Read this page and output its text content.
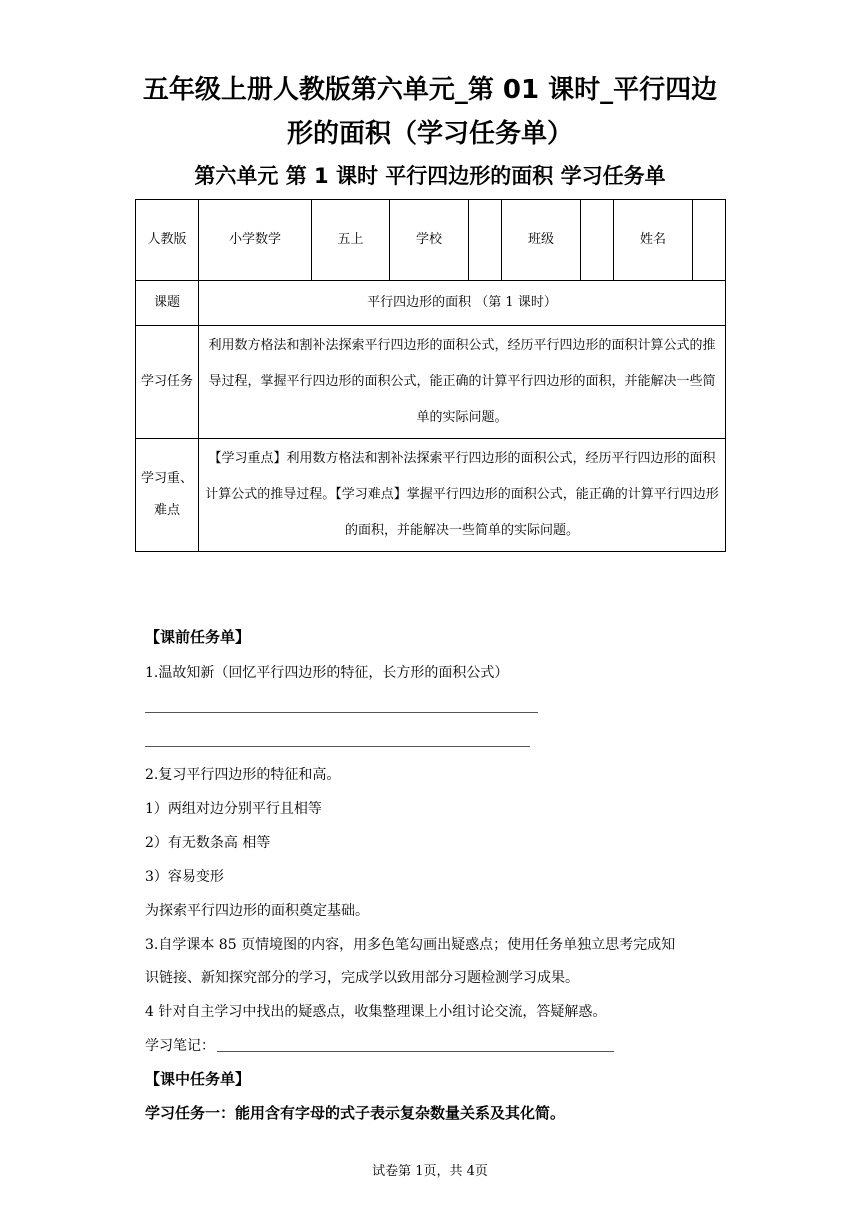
五年级上册人教版第六单元_第 01 课时_平行四边

形的面积（学习任务单）

第六单元 第 1 课时 平行四边形的面积 学习任务单

人教版	小学数学	五上	学校		班级		姓名	
课题	平行四边形的面积 （第 1 课时）							
学习任务	利用数方格法和割补法探索平行四边形的面积公式，经历平行四边形的面积计算公式的推导过程，掌握平行四边形的面积公式，能正确的计算平行四边形的面积，并能解决一些简单的实际问题。							
学习重、难点	【学习重点】利用数方格法和割补法探索平行四边形的面积公式，经历平行四边形的面积计算公式的推导过程。【学习难点】掌握平行四边形的面积公式，能正确的计算平行四边形的面积，并能解决一些简单的实际问题。							

【课前任务单】

1.温故知新（回忆平行四边形的特征，长方形的面积公式）

2.复习平行四边形的特征和高。

1）两组对边分别平行且相等

2）有无数条高 相等

3）容易变形

为探索平行四边形的面积奠定基础。

3.自学课本 85 页情境图的内容，用多色笔勾画出疑惑点；使用任务单独立思考完成知

识链接、新知探究部分的学习，完成学以致用部分习题检测学习成果。

4 针对自主学习中找出的疑惑点，收集整理课上小组讨论交流，答疑解惑。

学习笔记：

【课中任务单】

学习任务一：能用含有字母的式子表示复杂数量关系及其化简。

试卷第 1页，共 4页
